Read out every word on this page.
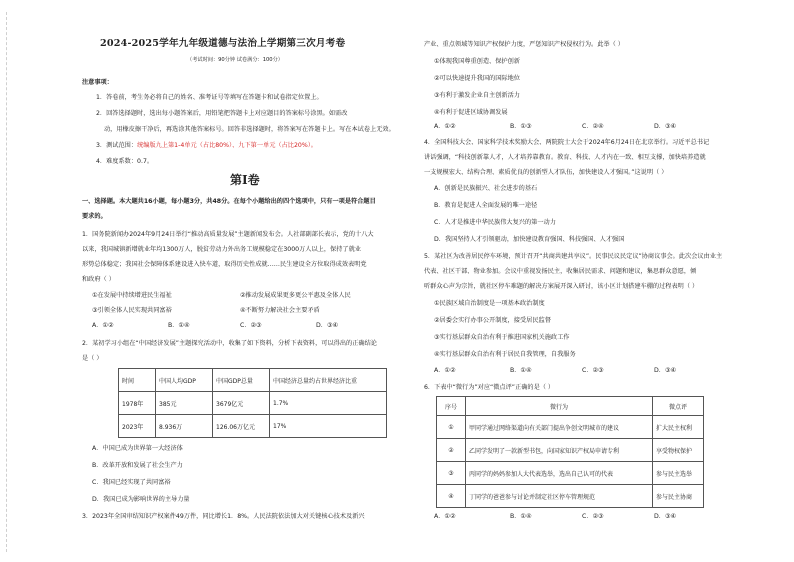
2024-2025学年九年级道德与法治上学期第三次月考卷
（考试时间：90分钟 试卷满分：100分）
注意事项：
1．答卷前，考生务必将自己的姓名、准考证号等填写在答题卡和试卷指定位置上。
2．回答选择题时，选出每小题答案后，用铅笔把答题卡上对应题目的答案标号涂黑。如需改
动，用橡皮擦干净后，再选涂其他答案标号。回答非选择题时，将答案写在答题卡上。写在本试卷上无效。
3．测试范围：统编版九上第1-4单元（占比80%）、九下第一单元（占比20%）。
4．难度系数：0.7。
第Ⅰ卷
一、选择题。本大题共16小题，每小题3分，共48分。在每个小题给出的四个选项中，只有一项是符合题目
要求的。
1．国务院新闻办2024年9月24日举行“推动高质量发展”主题新闻发布会。人社部副部长表示，党的十八大
以来，我国城镇新增就业年均1300万人，脱贫劳动力外出务工规模稳定在3000万人以上，保持了就业
形势总体稳定；我国社会保障体系建设进入快车道，取得历史性成就……民生建设全方位取得成效表明党
和政府（ ）
①在发展中持续增进民生福祉	②推动发展成果更多更公平惠及全体人民
③引领全体人民实现共同富裕	④不断努力解决社会主要矛盾
A．①②	B．①④	C．②③	D．③④
2．某初学习小组在“中国经济发展”主题探究活动中，收集了如下资料，分析下表资料，可以得出的正确结论
是（ ）
时间	中国人均GDP	中国GDP总量	中国经济总量约占世界经济比重
1978年	385元	3679亿元	1.7%
2023年	8.936万	126.06万亿元	17%
A．中国已成为世界第一大经济体
B．改革开放和发展了社会生产力
C．我国已经实现了共同富裕
D．我国已成为影响世界的主导力量
3．2023年全国审结知识产权案件49万件，同比增长1．8%。人民法院依法加大对关键核心技术及新兴
产业、重点领域等知识产权保护力度，严惩知识产权侵权行为。此举（ ）
①体现我国尊重创造、保护创新
②可以快速提升我国的国际地位
③有利于激发企业自主创新活力
④有利于促进区域协调发展
A．①②	B．①③	C．②④	D．③④
4．全国科技大会、国家科学技术奖励大会、两院院士大会于2024年6月24日在北京举行。习近平总书记
讲话强调，“科技创新靠人才，人才培养靠教育。教育、科技、人才内在一致、相互支撑，加快培养造就
一支规模宏大、结构合理、素质优良的创新型人才队伍，加快建设人才强国。”这说明（ ）
A．创新是民族振兴、社会进步的基石
B．教育是促进人全面发展的唯一途径
C．人才是推进中华民族伟大复兴的第一动力
D．我国坚持人才引领驱动，加快建设教育强国、科技强国、人才强国
5．某社区为改善居民停车环境，预计召开“共商共建共享议”。民事民议民定议”协商议事会。此次会议由业主
代表、社区干部、物业参加。会议中重视发扬民主，收集居民需求、问题和建议，集思群众意愿，倾
听群众心声为宗旨，就社区停车难题的解决方案展开深入研讨，该小区计划搭建车棚的过程表明（ ）
①民族区域自治制度是一项基本政治制度
②居委会实行办事公开制度，接受居民监督
③实行基层群众自治有利于推进国家机关施政工作
④实行基层群众自治有利于居民自我管理，自我服务
A．①②	B．①④	C．②③	D．③④
6．下表中“微行为”对应“微点评”正确的是（ ）
序号	微行为	微点评
①	甲同学通过网络渠道向有关部门提出争创文明城市的建议	扩大民主权利
②	乙同学发明了一款新型书包，向国家知识产权局申请专利	享受物权保护
③	丙同学的妈妈参加人大代表选举，选出自己认可的代表	参与民主选举
④	丁同学的爸爸参与讨论并制定社区停车管理规范	参与民主协商
A．①②	B．①④	C．②③	D．③④
